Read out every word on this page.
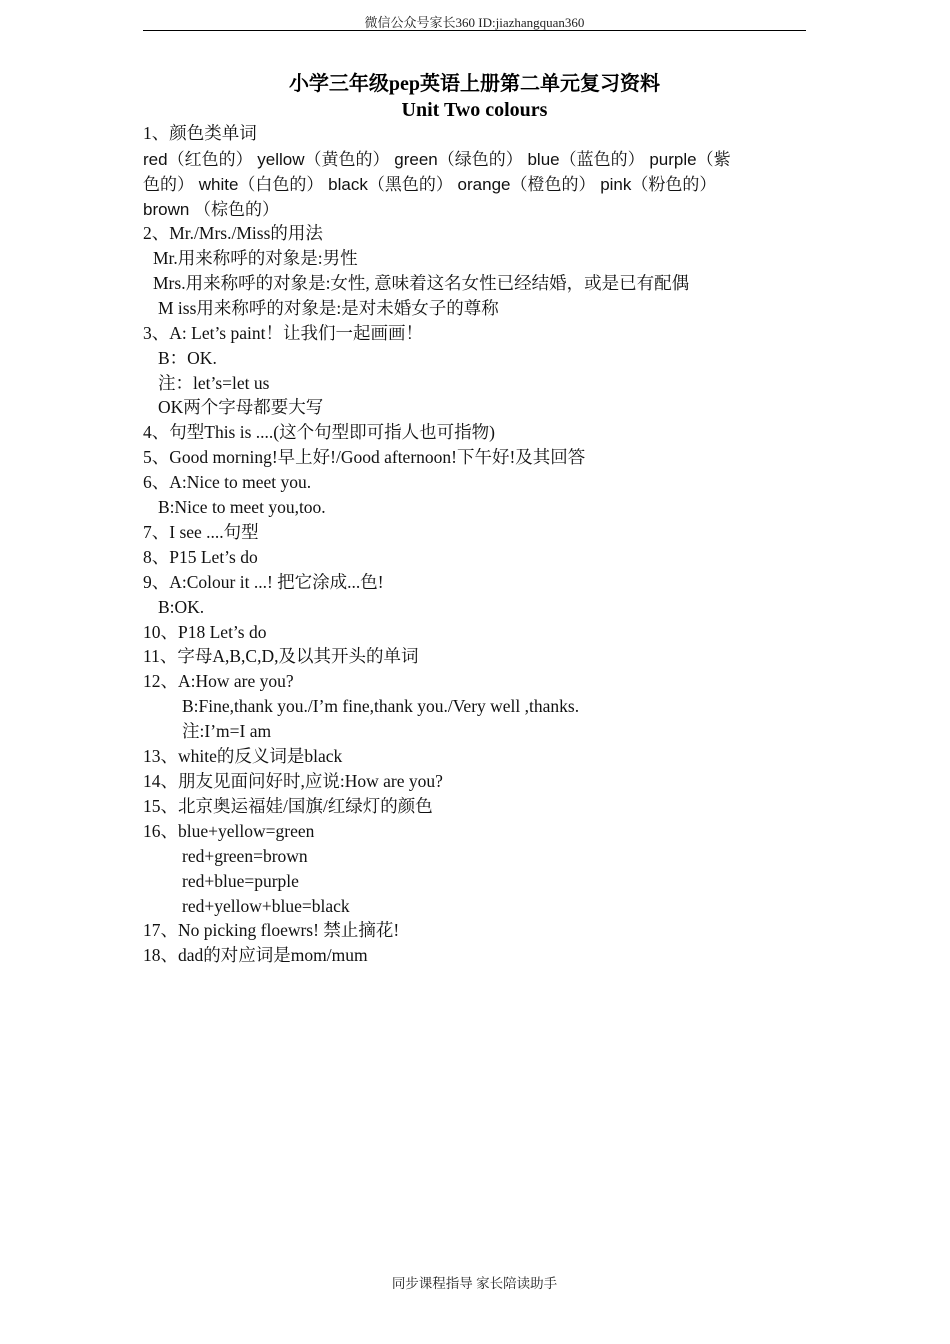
微信公众号家长360 ID:jiazhangquan360
小学三年级pep英语上册第二单元复习资料
Unit Two colours
1、颜色类单词
red（红色的） yellow（黄色的） green（绿色的） blue（蓝色的） purple（紫
色的） white（白色的） black（黑色的） orange（橙色的） pink（粉色的）
brown （棕色的）
2、Mr./Mrs./Miss的用法
Mr.用来称呼的对象是:男性
Mrs.用来称呼的对象是:女性, 意味着这名女性已经结婚，或是已有配偶
M iss用来称呼的对象是:是对未婚女子的尊称
3、A: Let’s paint！让我们一起画画！
B：OK.
注：let’s=let us
OK两个字母都要大写
4、句型This is ....(这个句型即可指人也可指物)
5、Good morning!早上好!/Good afternoon!下午好!及其回答
6、A:Nice to meet you.
B:Nice to meet you,too.
7、I see ....句型
8、P15 Let’s do
9、A:Colour it ...! 把它涂成...色!
B:OK.
10、P18 Let’s do
11、字母A,B,C,D,及以其开头的单词
12、A:How are you?
B:Fine,thank you./I’m fine,thank you./Very well ,thanks.
注:I’m=I am
13、white的反义词是black
14、朋友见面问好时,应说:How are you?
15、北京奥运福娃/国旗/红绿灯的颜色
16、blue+yellow=green
red+green=brown
red+blue=purple
red+yellow+blue=black
17、No picking floewrs! 禁止摘花!
18、dad的对应词是mom/mum
同步课程指导 家长陪读助手
